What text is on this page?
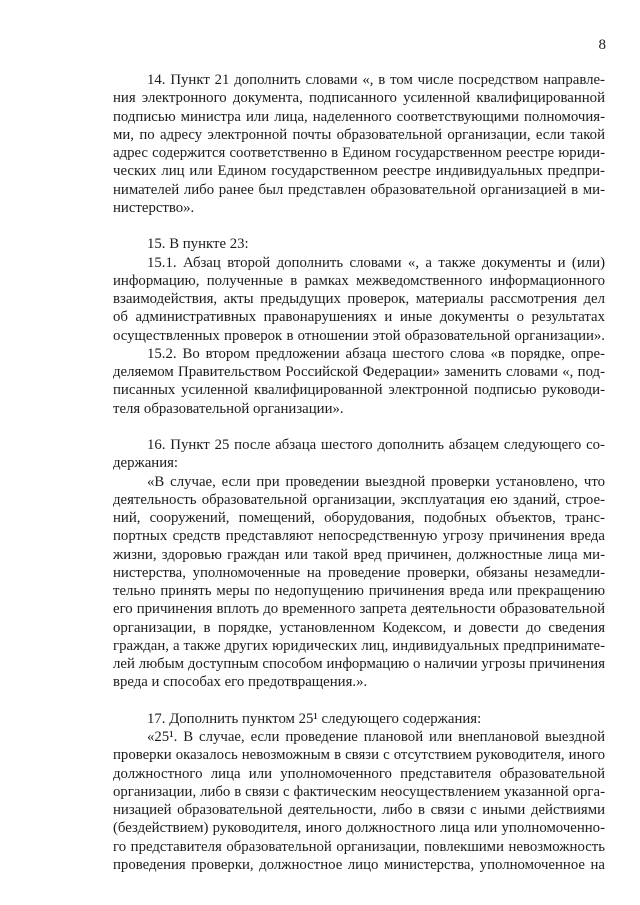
8
14. Пункт 21 дополнить словами «, в том числе посредством направле-
ния электронного документа, подписанного усиленной квалифицированной
подписью министра или лица, наделенного соответствующими полномочия-
ми, по адресу электронной почты образовательной организации, если такой
адрес содержится соответственно в Едином государственном реестре юриди-
ческих лиц или Едином государственном реестре индивидуальных предпри-
нимателей либо ранее был представлен образовательной организацией в ми-
нистерство».
15. В пункте 23:
15.1. Абзац второй дополнить словами «, а также документы и (или)
информацию, полученные в рамках межведомственного информационного
взаимодействия, акты предыдущих проверок, материалы рассмотрения дел
об административных правонарушениях и иные документы о результатах
осуществленных проверок в отношении этой образовательной организации».
15.2. Во втором предложении абзаца шестого слова «в порядке, опре-
деляемом Правительством Российской Федерации» заменить словами «, под-
писанных усиленной квалифицированной электронной подписью руководи-
теля образовательной организации».
16. Пункт 25 после абзаца шестого дополнить абзацем следующего со-
держания:
«В случае, если при проведении выездной проверки установлено, что
деятельность образовательной организации, эксплуатация ею зданий, строе-
ний, сооружений, помещений, оборудования, подобных объектов, транс-
портных средств представляют непосредственную угрозу причинения вреда
жизни, здоровью граждан или такой вред причинен, должностные лица ми-
нистерства, уполномоченные на проведение проверки, обязаны незамедли-
тельно принять меры по недопущению причинения вреда или прекращению
его причинения вплоть до временного запрета деятельности образовательной
организации, в порядке, установленном Кодексом, и довести до сведения
граждан, а также других юридических лиц, индивидуальных предпринимате-
лей любым доступным способом информацию о наличии угрозы причинения
вреда и способах его предотвращения.».
17. Дополнить пунктом 25¹ следующего содержания:
«25¹. В случае, если проведение плановой или внеплановой выездной
проверки оказалось невозможным в связи с отсутствием руководителя, иного
должностного лица или уполномоченного представителя образовательной
организации, либо в связи с фактическим неосуществлением указанной орга-
низацией образовательной деятельности, либо в связи с иными действиями
(бездействием) руководителя, иного должностного лица или уполномоченно-
го представителя образовательной организации, повлекшими невозможность
проведения проверки, должностное лицо министерства, уполномоченное на
